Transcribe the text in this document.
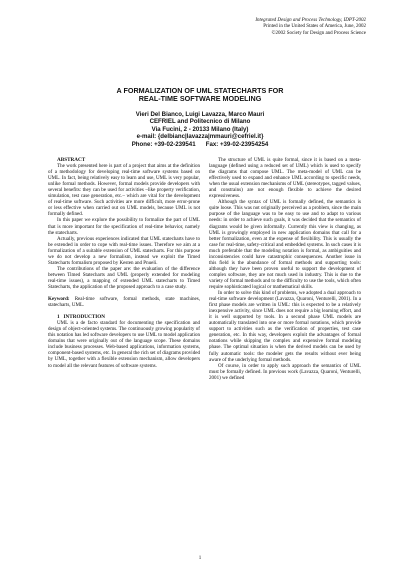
Integrated Design and Process Technology, IDPT-2002
Printed in the United States of America, June, 2002
©2002 Society for Design and Process Science
A FORMALIZATION OF UML STATECHARTS FOR
REAL-TIME SOFTWARE MODELING
Vieri Del Bianco, Luigi Lavazza, Marco Mauri
CEFRIEL and Politecnico di Milano
Via Fucini, 2 - 20133 Milano (Italy)
e-mail: {delbianc|lavazza|mmauri@cefriel.it}
Phone: +39-02-239541      Fax: +39-02-23954254

ABSTRACT

The work presented here is part of a project that aims at the definition of a methodology for developing real-time software systems based on UML. In fact, being relatively easy to learn and use, UML is very popular, unlike formal methods. However, formal models provide developers with several benefits: they can be used for activities –like property verification, simulation, test case generation, etc.– which are vital for the development of real-time software. Such activities are more difficult, more error-prone or less effective when carried out on UML models, because UML is not formally defined.

In this paper we explore the possibility to formalize the part of UML that is more important for the specification of real-time behavior, namely the statecharts.

Actually, previous experiences indicated that UML statecharts have to be extended in order to cope with real-time issues. Therefore we aim at a formalization of a suitable extension of UML statecharts. For this purpose we do not develop a new formalism, instead we exploit the Timed Statecharts formalism proposed by Kesten and Pnueli.

The contributions of the paper are: the evaluation of the difference between Timed Statecharts and UML (properly extended for modeling real-time issues), a mapping of extended UML statecharts to Timed Statecharts, the application of the proposed approach to a case study.

Keyword: Real-time software, formal methods, state machines, statecharts, UML.

1   INTRODUCTION

UML is a de facto standard for documenting the specification and design of object-oriented systems. The continuously growing popularity of this notation has led software developers to use UML to model application domains that were originally out of the language scope. These domains include business processes. Web-based applications, information systems, component-based systems, etc. In general the rich set of diagrams provided by UML, together with a flexible extension mechanism, allow developers to model all the relevant features of software systems.

The structure of UML is quite formal, since it is based on a meta-language (defined using a reduced set of UML) which is used to specify the diagrams that compose UML. The meta-model of UML can be effectively used to expand and enhance UML according to specific needs, when the usual extension mechanisms of UML (stereotypes, tagged values, and constrains) are not enough flexible to achieve the desired expressiveness.

Although the syntax of UML is formally defined, the semantics is quite loose. This was not originally perceived as a problem, since the main purpose of the language was to be easy to use and to adapt to various needs: in order to achieve such goals, it was decided that the semantics of diagrams would be given informally. Currently this view is changing, as UML is growingly employed in new application domains that call for a better formalization, even at the expense of flexibility. This is usually the case for real-time, safety-critical and embedded systems. In such cases it is much preferable that the modeling notation is formal, as ambiguities and inconsistencies could have catastrophic consequences. Another issue in this field is the abundance of formal methods and supporting tools: although they have been proven useful to support the development of complex software, they are not much used in industry. This is due to the variety of formal methods and to the difficulty to use the tools, which often require sophisticated logical or mathematical skills.

In order to solve this kind of problems, we adopted a dual approach to real-time software development (Lavazza, Quaroni, Venturelli, 2001). In a first phase models are written in UML: this is expected to be a relatively inexpensive activity, since UML does not require a big learning effort, and it is well supported by tools. In a second phase UML models are automatically translated into one or more formal notations, which provide support to activities such as the verification of properties, test case generation, etc. In this way, developers exploit the advantages of formal notations while skipping the complex and expensive formal modeling phase. The optimal situation is when the derived models can be used by fully automatic tools: the modeler gets the results without ever being aware of the underlying formal methods.

Of course, in order to apply such approach the semantics of UML must be formally defined. In previous work (Lavazza, Quaroni, Venturelli, 2001) we defined

1
